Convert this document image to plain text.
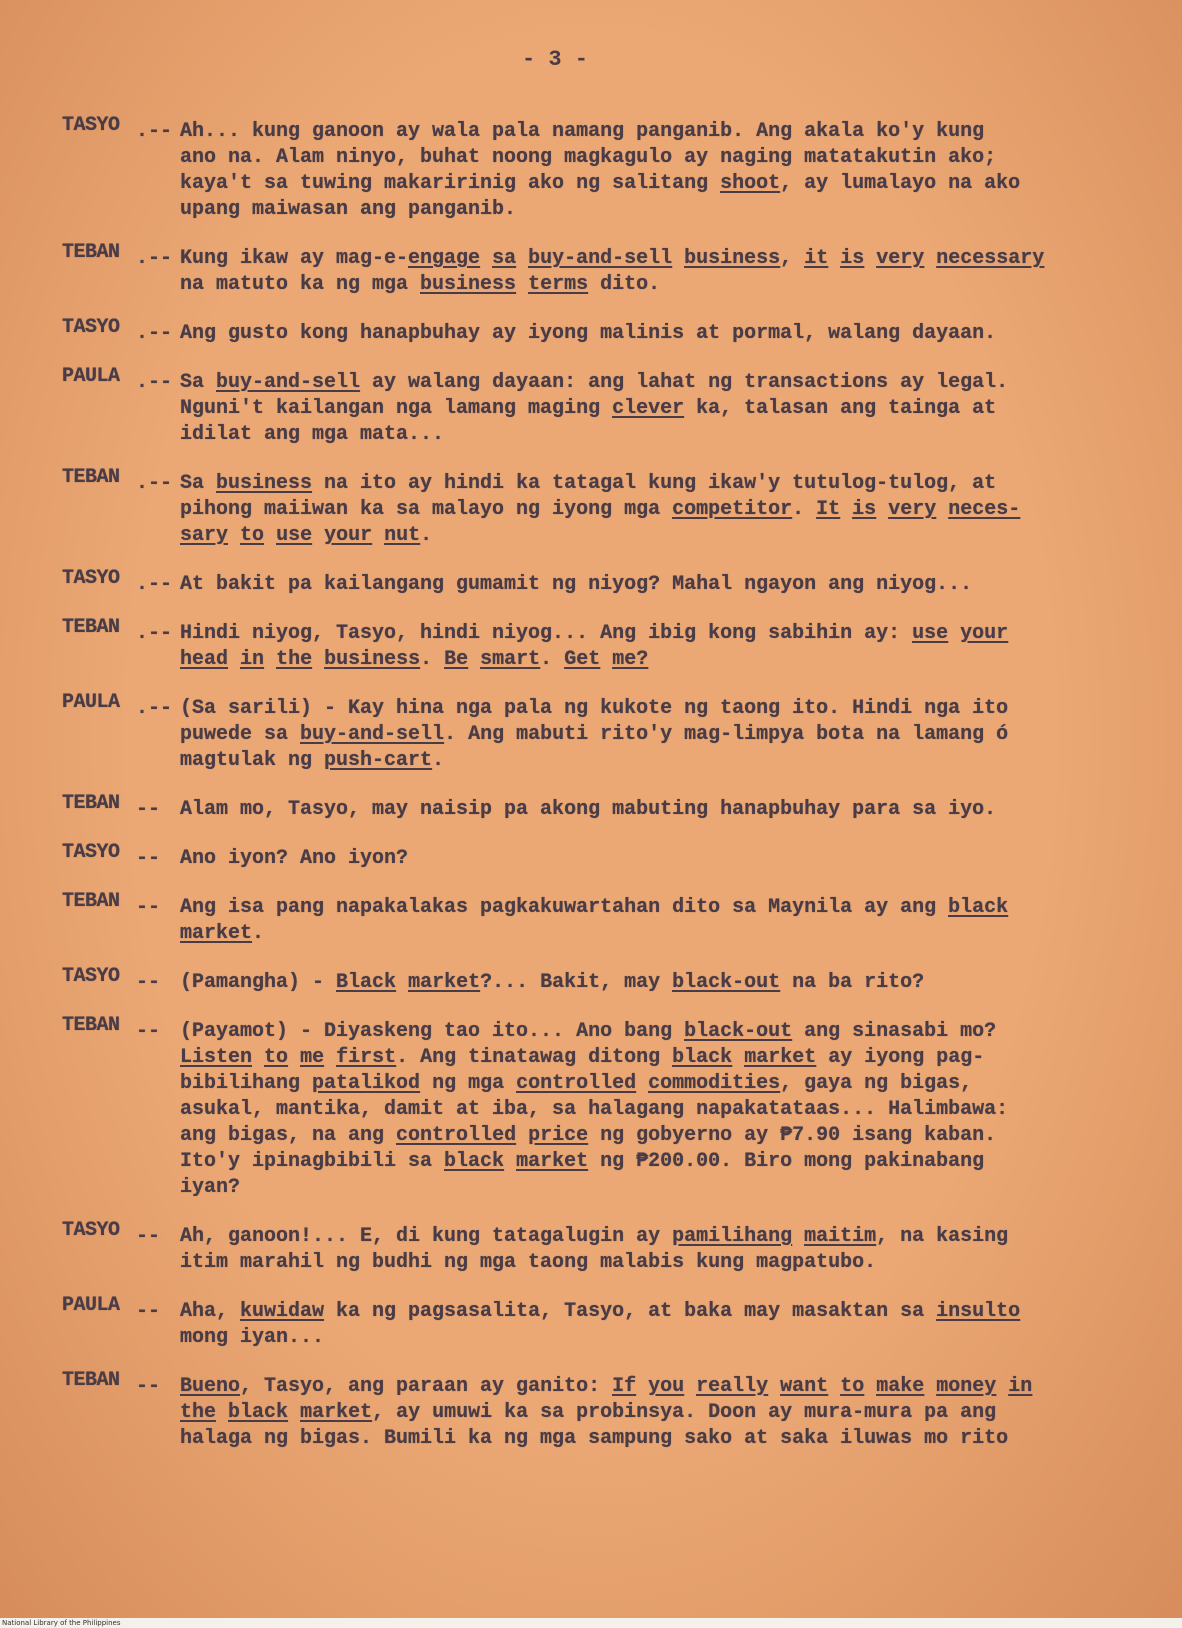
- 3 -
TASYO .-- Ah... kung ganoon ay wala pala namang panganib. Ang akala ko'y kung
ano na. Alam ninyo, buhat noong magkagulo ay naging matatakutin ako;
kaya't sa tuwing makaririnig ako ng salitang shoot, ay lumalayo na ako
upang maiwasan ang panganib.
TEBAN .-- Kung ikaw ay mag-e-engage sa buy-and-sell business, it is very necessary
na matuto ka ng mga business terms dito.
TASYO .-- Ang gusto kong hanapbuhay ay iyong malinis at pormal, walang dayaan.
PAULA .-- Sa buy-and-sell ay walang dayaan: ang lahat ng transactions ay legal.
Nguni't kailangan nga lamang maging clever ka, talasan ang tainga at
idilat ang mga mata...
TEBAN .-- Sa business na ito ay hindi ka tatagal kung ikaw'y tutulog-tulog, at
pihong maiiwan ka sa malayo ng iyong mga competitor. It is very neces-
sary to use your nut.
TASYO .-- At bakit pa kailangang gumamit ng niyog? Mahal ngayon ang niyog...
TEBAN .-- Hindi niyog, Tasyo, hindi niyog... Ang ibig kong sabihin ay: use your
head in the business. Be smart. Get me?
PAULA .-- (Sa sarili) - Kay hina nga pala ng kukote ng taong ito. Hindi nga ito
puwede sa buy-and-sell. Ang mabuti rito'y mag-limpya bota na lamang ó
magtulak ng push-cart.
TEBAN -- Alam mo, Tasyo, may naisip pa akong mabuting hanapbuhay para sa iyo.
TASYO -- Ano iyon? Ano iyon?
TEBAN -- Ang isa pang napakalakas pagkakuwartahan dito sa Maynila ay ang black
market.
TASYO -- (Pamangha) - Black market?... Bakit, may black-out na ba rito?
TEBAN -- (Payamot) - Diyaskeng tao ito... Ano bang black-out ang sinasabi mo?
Listen to me first. Ang tinatawag ditong black market ay iyong pag-
bibilihang patalikod ng mga controlled commodities, gaya ng bigas,
asukal, mantika, damit at iba, sa halagang napakatataas... Halimbawa:
ang bigas, na ang controlled price ng gobyerno ay ₱7.90 isang kaban.
Ito'y ipinagbibili sa black market ng ₱200.00. Biro mong pakinabang
iyan?
TASYO -- Ah, ganoon!... E, di kung tatagalugin ay pamilihang maitim, na kasing
itim marahil ng budhi ng mga taong malabis kung magpatubo.
PAULA -- Aha, kuwidaw ka ng pagsasalita, Tasyo, at baka may masaktan sa insulto
mong iyan...
TEBAN -- Bueno, Tasyo, ang paraan ay ganito: If you really want to make money in
the black market, ay umuwi ka sa probinsya. Doon ay mura-mura pa ang
halaga ng bigas. Bumili ka ng mga sampung sako at saka iluwas mo rito
National Library of the Philippines
